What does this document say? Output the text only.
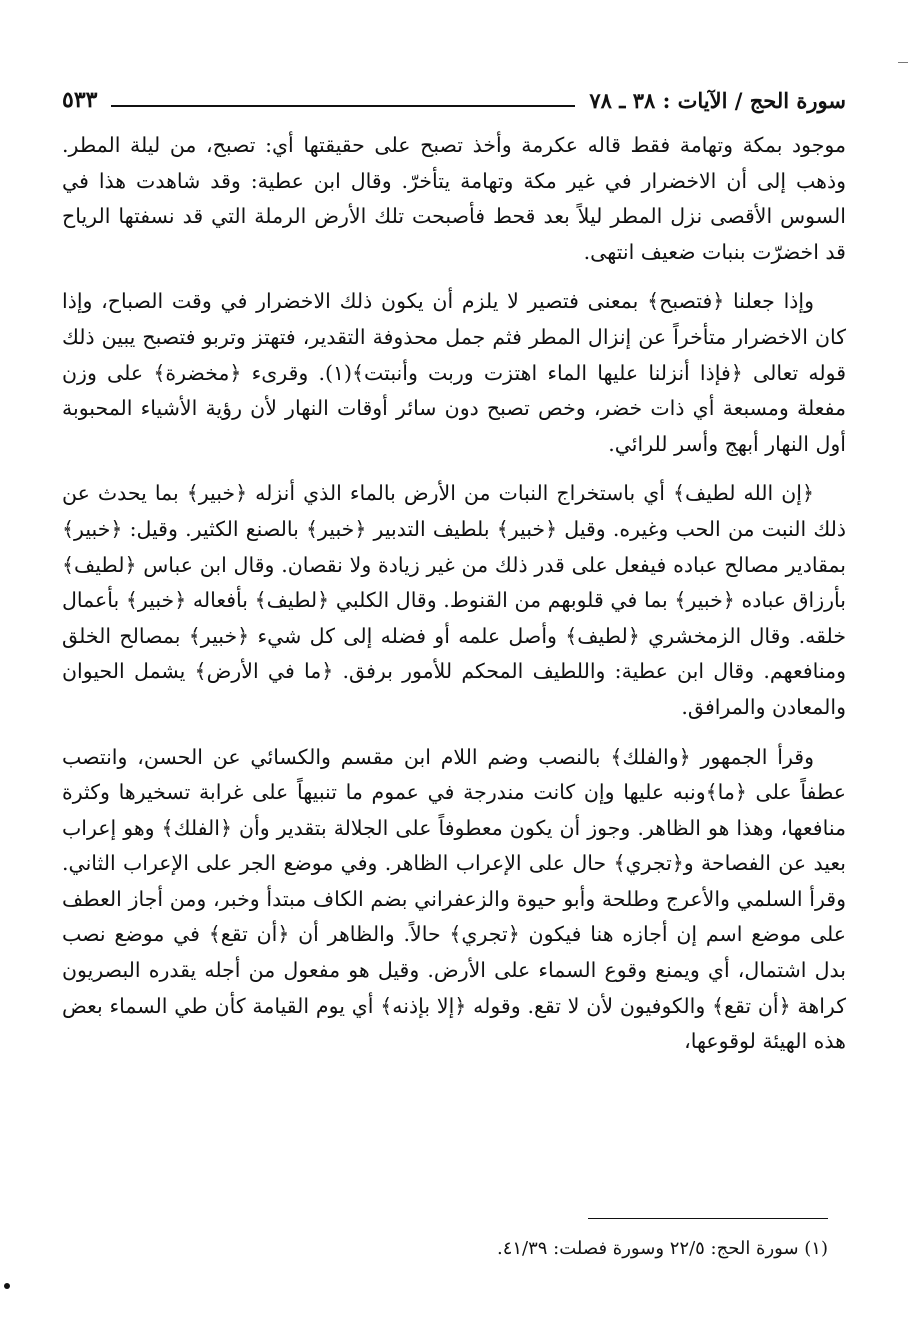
سورة الحج / الآيات : ٣٨ ـ ٧٨
٥٣٣

موجود بمكة وتهامة فقط قاله عكرمة وأخذ تصبح على حقيقتها أي: تصبح، من ليلة المطر. وذهب إلى أن الاخضرار في غير مكة وتهامة يتأخرّ. وقال ابن عطية: وقد شاهدت هذا في السوس الأقصى نزل المطر ليلاً بعد قحط فأصبحت تلك الأرض الرملة التي قد نسفتها الرياح قد اخضرّت بنبات ضعيف انتهى.

وإذا جعلنا ﴿فتصبح﴾ بمعنى فتصير لا يلزم أن يكون ذلك الاخضرار في وقت الصباح، وإذا كان الاخضرار متأخراً عن إنزال المطر فثم جمل محذوفة التقدير، فتهتز وتربو فتصبح يبين ذلك قوله تعالى ﴿فإذا أنزلنا عليها الماء اهتزت وربت وأنبتت﴾(١). وقرىء ﴿مخضرة﴾ على وزن مفعلة ومسبعة أي ذات خضر، وخص تصبح دون سائر أوقات النهار لأن رؤية الأشياء المحبوبة أول النهار أبهج وأسر للرائي.

﴿إن الله لطيف﴾ أي باستخراج النبات من الأرض بالماء الذي أنزله ﴿خبير﴾ بما يحدث عن ذلك النبت من الحب وغيره. وقيل ﴿خبير﴾ بلطيف التدبير ﴿خبير﴾ بالصنع الكثير. وقيل: ﴿خبير﴾ بمقادير مصالح عباده فيفعل على قدر ذلك من غير زيادة ولا نقصان. وقال ابن عباس ﴿لطيف﴾ بأرزاق عباده ﴿خبير﴾ بما في قلوبهم من القنوط. وقال الكلبي ﴿لطيف﴾ بأفعاله ﴿خبير﴾ بأعمال خلقه. وقال الزمخشري ﴿لطيف﴾ وأصل علمه أو فضله إلى كل شيء ﴿خبير﴾ بمصالح الخلق ومنافعهم. وقال ابن عطية: واللطيف المحكم للأمور برفق. ﴿ما في الأرض﴾ يشمل الحيوان والمعادن والمرافق.

وقرأ الجمهور ﴿والفلك﴾ بالنصب وضم اللام ابن مقسم والكسائي عن الحسن، وانتصب عطفاً على ﴿ما﴾ونبه عليها وإن كانت مندرجة في عموم ما تنبيهاً على غرابة تسخيرها وكثرة منافعها، وهذا هو الظاهر. وجوز أن يكون معطوفاً على الجلالة بتقدير وأن ﴿الفلك﴾ وهو إعراب بعيد عن الفصاحة و﴿تجري﴾ حال على الإعراب الظاهر. وفي موضع الجر على الإعراب الثاني. وقرأ السلمي والأعرج وطلحة وأبو حيوة والزعفراني بضم الكاف مبتدأ وخبر، ومن أجاز العطف على موضع اسم إن أجازه هنا فيكون ﴿تجري﴾ حالاً. والظاهر أن ﴿أن تقع﴾ في موضع نصب بدل اشتمال، أي ويمنع وقوع السماء على الأرض. وقيل هو مفعول من أجله يقدره البصريون كراهة ﴿أن تقع﴾ والكوفيون لأن لا تقع. وقوله ﴿إلا بإذنه﴾ أي يوم القيامة كأن طي السماء بعض هذه الهيئة لوقوعها،

(١) سورة الحج: ٢٢/٥ وسورة فصلت: ٤١/٣٩.
